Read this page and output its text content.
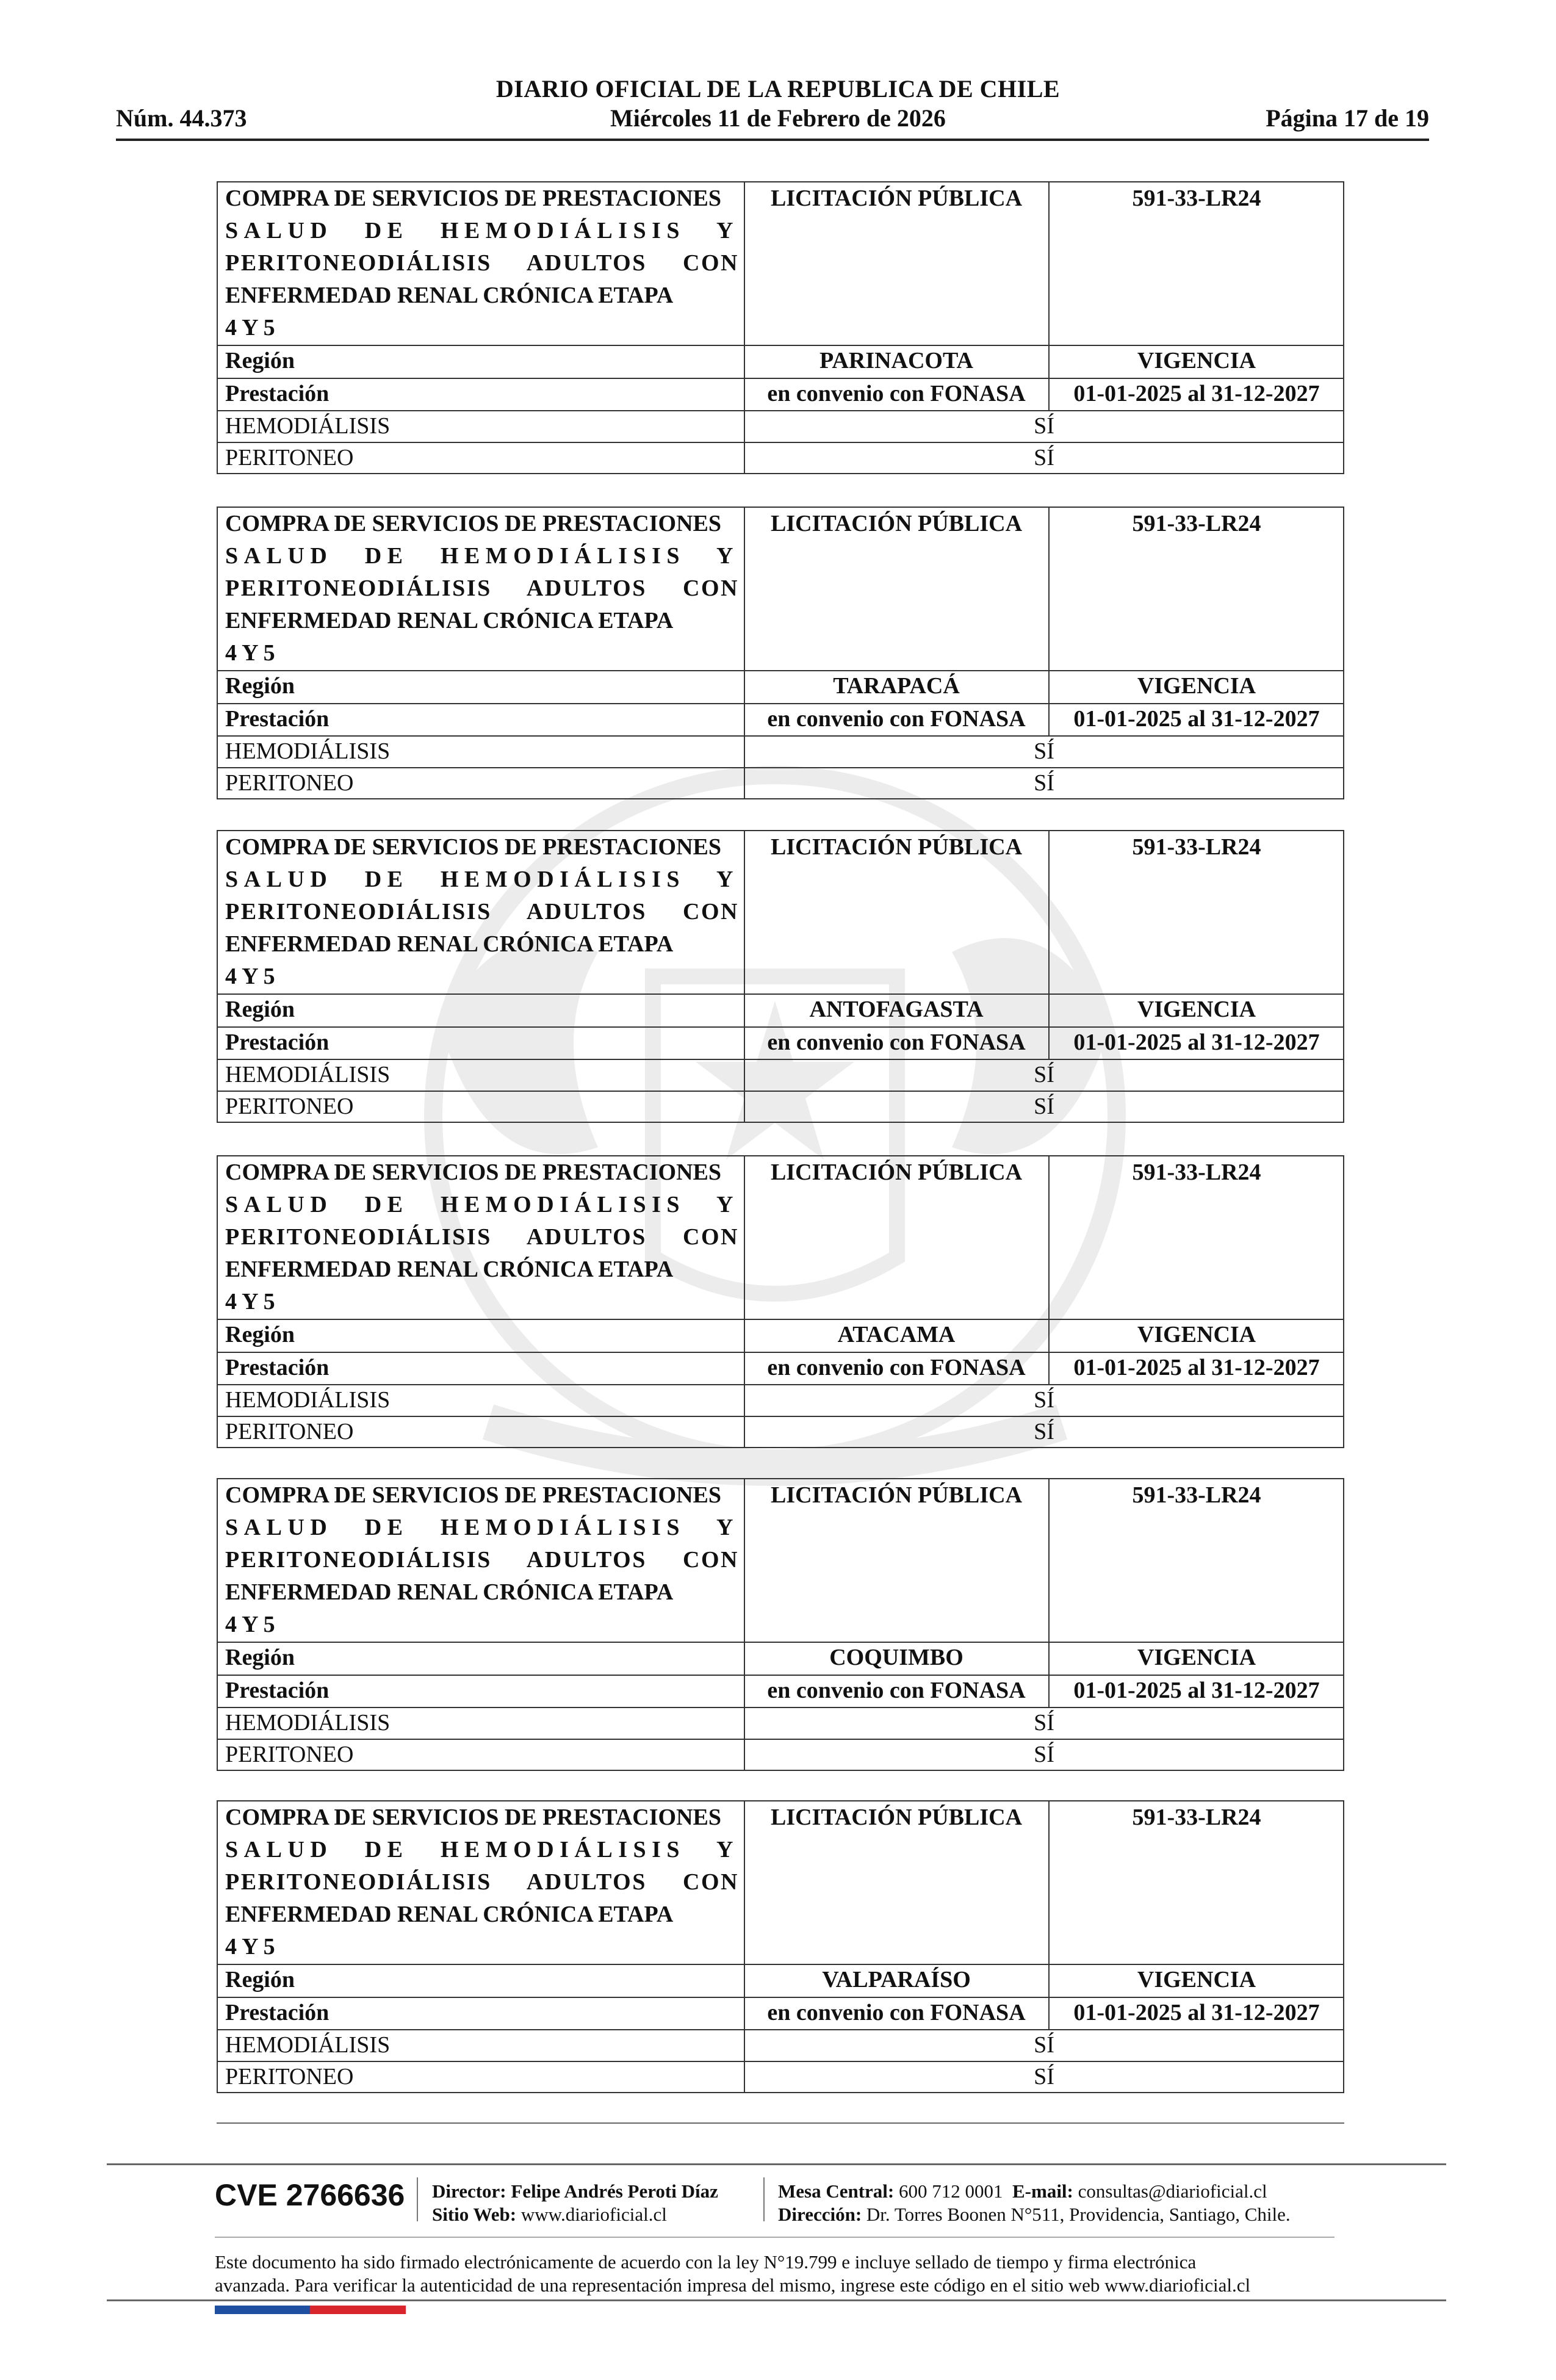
DIARIO OFICIAL DE LA REPUBLICA DE CHILE
Núm. 44.373	Miércoles 11 de Febrero de 2026	Página 17 de 19
COMPRA DE SERVICIOS DE PRESTACIONES
SALUD DE HEMODIÁLISIS Y
PERITONEODIÁLISIS ADULTOS CON
ENFERMEDAD RENAL CRÓNICA ETAPA
4 Y 5
LICITACIÓN PÚBLICA	591-33-LR24
Región	PARINACOTA	VIGENCIA
Prestación	en convenio con FONASA	01-01-2025 al 31-12-2027
HEMODIÁLISIS	SÍ
PERITONEO	SÍ
COMPRA DE SERVICIOS DE PRESTACIONES
SALUD DE HEMODIÁLISIS Y
PERITONEODIÁLISIS ADULTOS CON
ENFERMEDAD RENAL CRÓNICA ETAPA
4 Y 5
LICITACIÓN PÚBLICA	591-33-LR24
Región	TARAPACÁ	VIGENCIA
Prestación	en convenio con FONASA	01-01-2025 al 31-12-2027
HEMODIÁLISIS	SÍ
PERITONEO	SÍ
COMPRA DE SERVICIOS DE PRESTACIONES
SALUD DE HEMODIÁLISIS Y
PERITONEODIÁLISIS ADULTOS CON
ENFERMEDAD RENAL CRÓNICA ETAPA
4 Y 5
LICITACIÓN PÚBLICA	591-33-LR24
Región	ANTOFAGASTA	VIGENCIA
Prestación	en convenio con FONASA	01-01-2025 al 31-12-2027
HEMODIÁLISIS	SÍ
PERITONEO	SÍ
COMPRA DE SERVICIOS DE PRESTACIONES
SALUD DE HEMODIÁLISIS Y
PERITONEODIÁLISIS ADULTOS CON
ENFERMEDAD RENAL CRÓNICA ETAPA
4 Y 5
LICITACIÓN PÚBLICA	591-33-LR24
Región	ATACAMA	VIGENCIA
Prestación	en convenio con FONASA	01-01-2025 al 31-12-2027
HEMODIÁLISIS	SÍ
PERITONEO	SÍ
COMPRA DE SERVICIOS DE PRESTACIONES
SALUD DE HEMODIÁLISIS Y
PERITONEODIÁLISIS ADULTOS CON
ENFERMEDAD RENAL CRÓNICA ETAPA
4 Y 5
LICITACIÓN PÚBLICA	591-33-LR24
Región	COQUIMBO	VIGENCIA
Prestación	en convenio con FONASA	01-01-2025 al 31-12-2027
HEMODIÁLISIS	SÍ
PERITONEO	SÍ
COMPRA DE SERVICIOS DE PRESTACIONES
SALUD DE HEMODIÁLISIS Y
PERITONEODIÁLISIS ADULTOS CON
ENFERMEDAD RENAL CRÓNICA ETAPA
4 Y 5
LICITACIÓN PÚBLICA	591-33-LR24
Región	VALPARAÍSO	VIGENCIA
Prestación	en convenio con FONASA	01-01-2025 al 31-12-2027
HEMODIÁLISIS	SÍ
PERITONEO	SÍ
CVE 2766636 Director: Felipe Andrés Peroti Díaz
Sitio Web: www.diarioficial.cl
Mesa Central: 600 712 0001 E-mail: consultas@diarioficial.cl
Dirección: Dr. Torres Boonen N°511, Providencia, Santiago, Chile.
Este documento ha sido firmado electrónicamente de acuerdo con la ley N°19.799 e incluye sellado de tiempo y firma electrónica
avanzada. Para verificar la autenticidad de una representación impresa del mismo, ingrese este código en el sitio web www.diarioficial.cl
